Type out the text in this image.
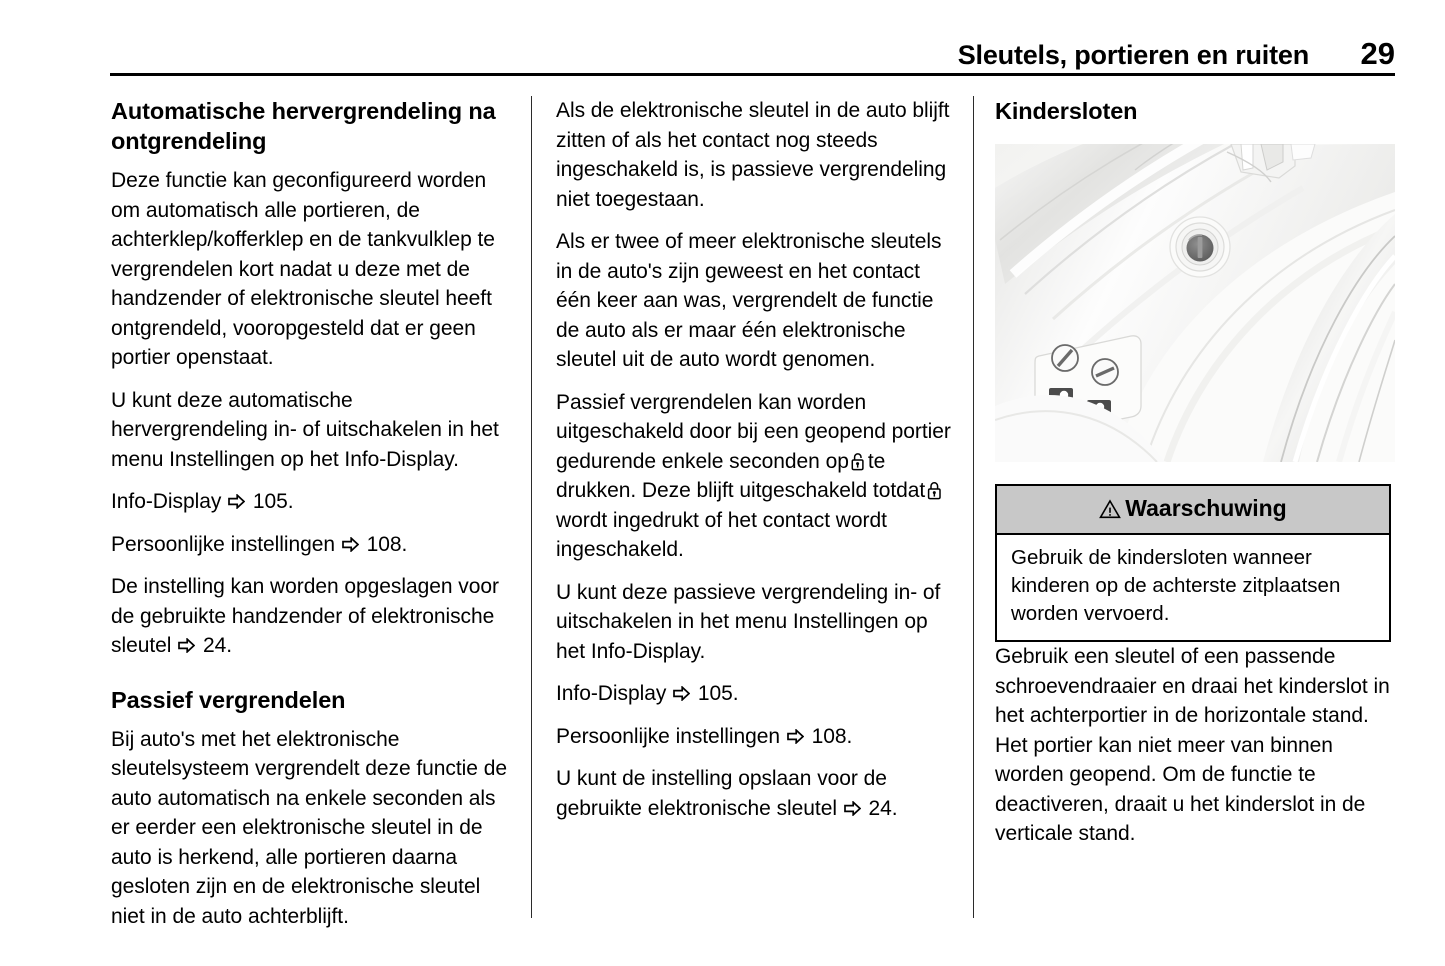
Sleutels, portieren en ruiten	29
Automatische hervergrendeling na ontgrendeling

Deze functie kan geconfigureerd worden om automatisch alle portieren, de achterklep/kofferklep en de tankvulklep te vergrendelen kort nadat u deze met de handzender of elektronische sleutel heeft ontgrendeld, vooropgesteld dat er geen portier openstaat.

U kunt deze automatische hervergrendeling in- of uitschakelen in het menu Instellingen op het Info-Display.

Info-Display 105.

Persoonlijke instellingen 108.

De instelling kan worden opgeslagen voor de gebruikte handzender of elektronische sleutel 24.

Passief vergrendelen

Bij auto's met het elektronische sleutelsysteem vergrendelt deze functie de auto automatisch na enkele seconden als er eerder een elektronische sleutel in de auto is herkend, alle portieren daarna gesloten zijn en de elektronische sleutel niet in de auto achterblijft.

Als de elektronische sleutel in de auto blijft zitten of als het contact nog steeds ingeschakeld is, is passieve vergrendeling niet toegestaan.

Als er twee of meer elektronische sleutels in de auto's zijn geweest en het contact één keer aan was, vergrendelt de functie de auto als er maar één elektronische sleutel uit de auto wordt genomen.

Passief vergrendelen kan worden uitgeschakeld door bij een geopend portier gedurende enkele seconden op te drukken. Deze blijft uitgeschakeld totdat
wordt ingedrukt of het contact wordt ingeschakeld.

U kunt deze passieve vergrendeling in- of uitschakelen in het menu Instellingen op het Info-Display.

Info-Display 105.

Persoonlijke instellingen 108.

U kunt de instelling opslaan voor de gebruikte elektronische sleutel 24.

Kindersloten
Waarschuwing

Gebruik de kindersloten wanneer kinderen op de achterste zitplaatsen worden vervoerd.

Gebruik een sleutel of een passende schroevendraaier en draai het kinderslot in het achterportier in de horizontale stand. Het portier kan niet meer van binnen worden geopend. Om de functie te deactiveren, draait u het kinderslot in de verticale stand.
